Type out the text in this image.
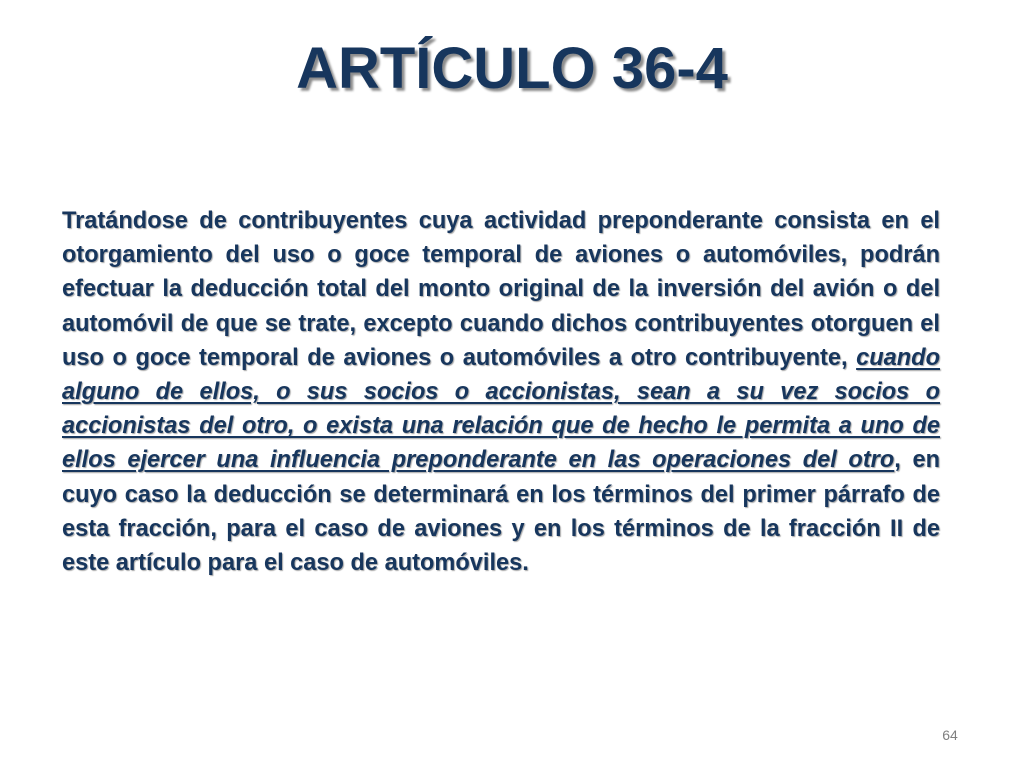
ARTÍCULO 36-4

Tratándose de contribuyentes cuya actividad preponderante consista en el otorgamiento del uso o goce temporal de aviones o automóviles, podrán efectuar la deducción total del monto original de la inversión del avión o del automóvil de que se trate, excepto cuando dichos contribuyentes otorguen el uso o goce temporal de aviones o automóviles a otro contribuyente, cuando alguno de ellos, o sus socios o accionistas, sean a su vez socios o accionistas del otro, o exista una relación que de hecho le permita a uno de ellos ejercer una influencia preponderante en las operaciones del otro, en cuyo caso la deducción se determinará en los términos del primer párrafo de esta fracción, para el caso de aviones y en los términos de la fracción II de este artículo para el caso de automóviles.

64
